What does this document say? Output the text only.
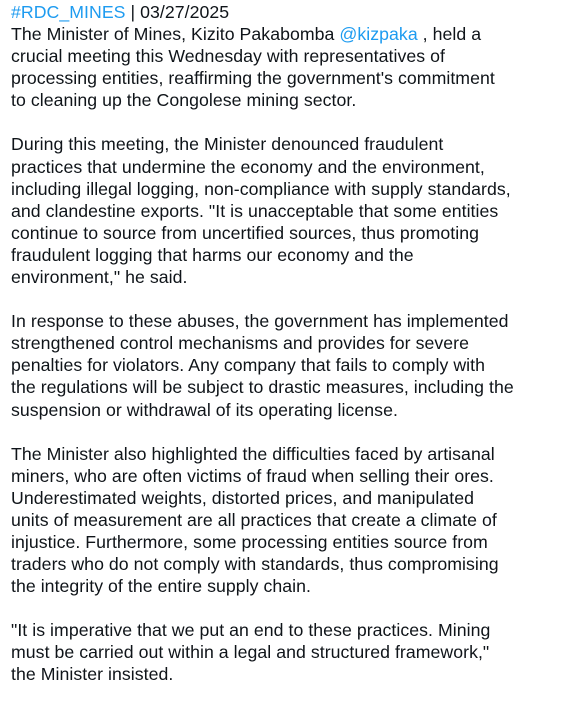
#RDC_MINES | 03/27/2025
The Minister of Mines, Kizito Pakabomba @kizpaka , held a
crucial meeting this Wednesday with representatives of
processing entities, reaffirming the government's commitment
to cleaning up the Congolese mining sector.
During this meeting, the Minister denounced fraudulent
practices that undermine the economy and the environment,
including illegal logging, non-compliance with supply standards,
and clandestine exports. "It is unacceptable that some entities
continue to source from uncertified sources, thus promoting
fraudulent logging that harms our economy and the
environment," he said.
In response to these abuses, the government has implemented
strengthened control mechanisms and provides for severe
penalties for violators. Any company that fails to comply with
the regulations will be subject to drastic measures, including the
suspension or withdrawal of its operating license.
The Minister also highlighted the difficulties faced by artisanal
miners, who are often victims of fraud when selling their ores.
Underestimated weights, distorted prices, and manipulated
units of measurement are all practices that create a climate of
injustice. Furthermore, some processing entities source from
traders who do not comply with standards, thus compromising
the integrity of the entire supply chain.
"It is imperative that we put an end to these practices. Mining
must be carried out within a legal and structured framework,"
the Minister insisted.
